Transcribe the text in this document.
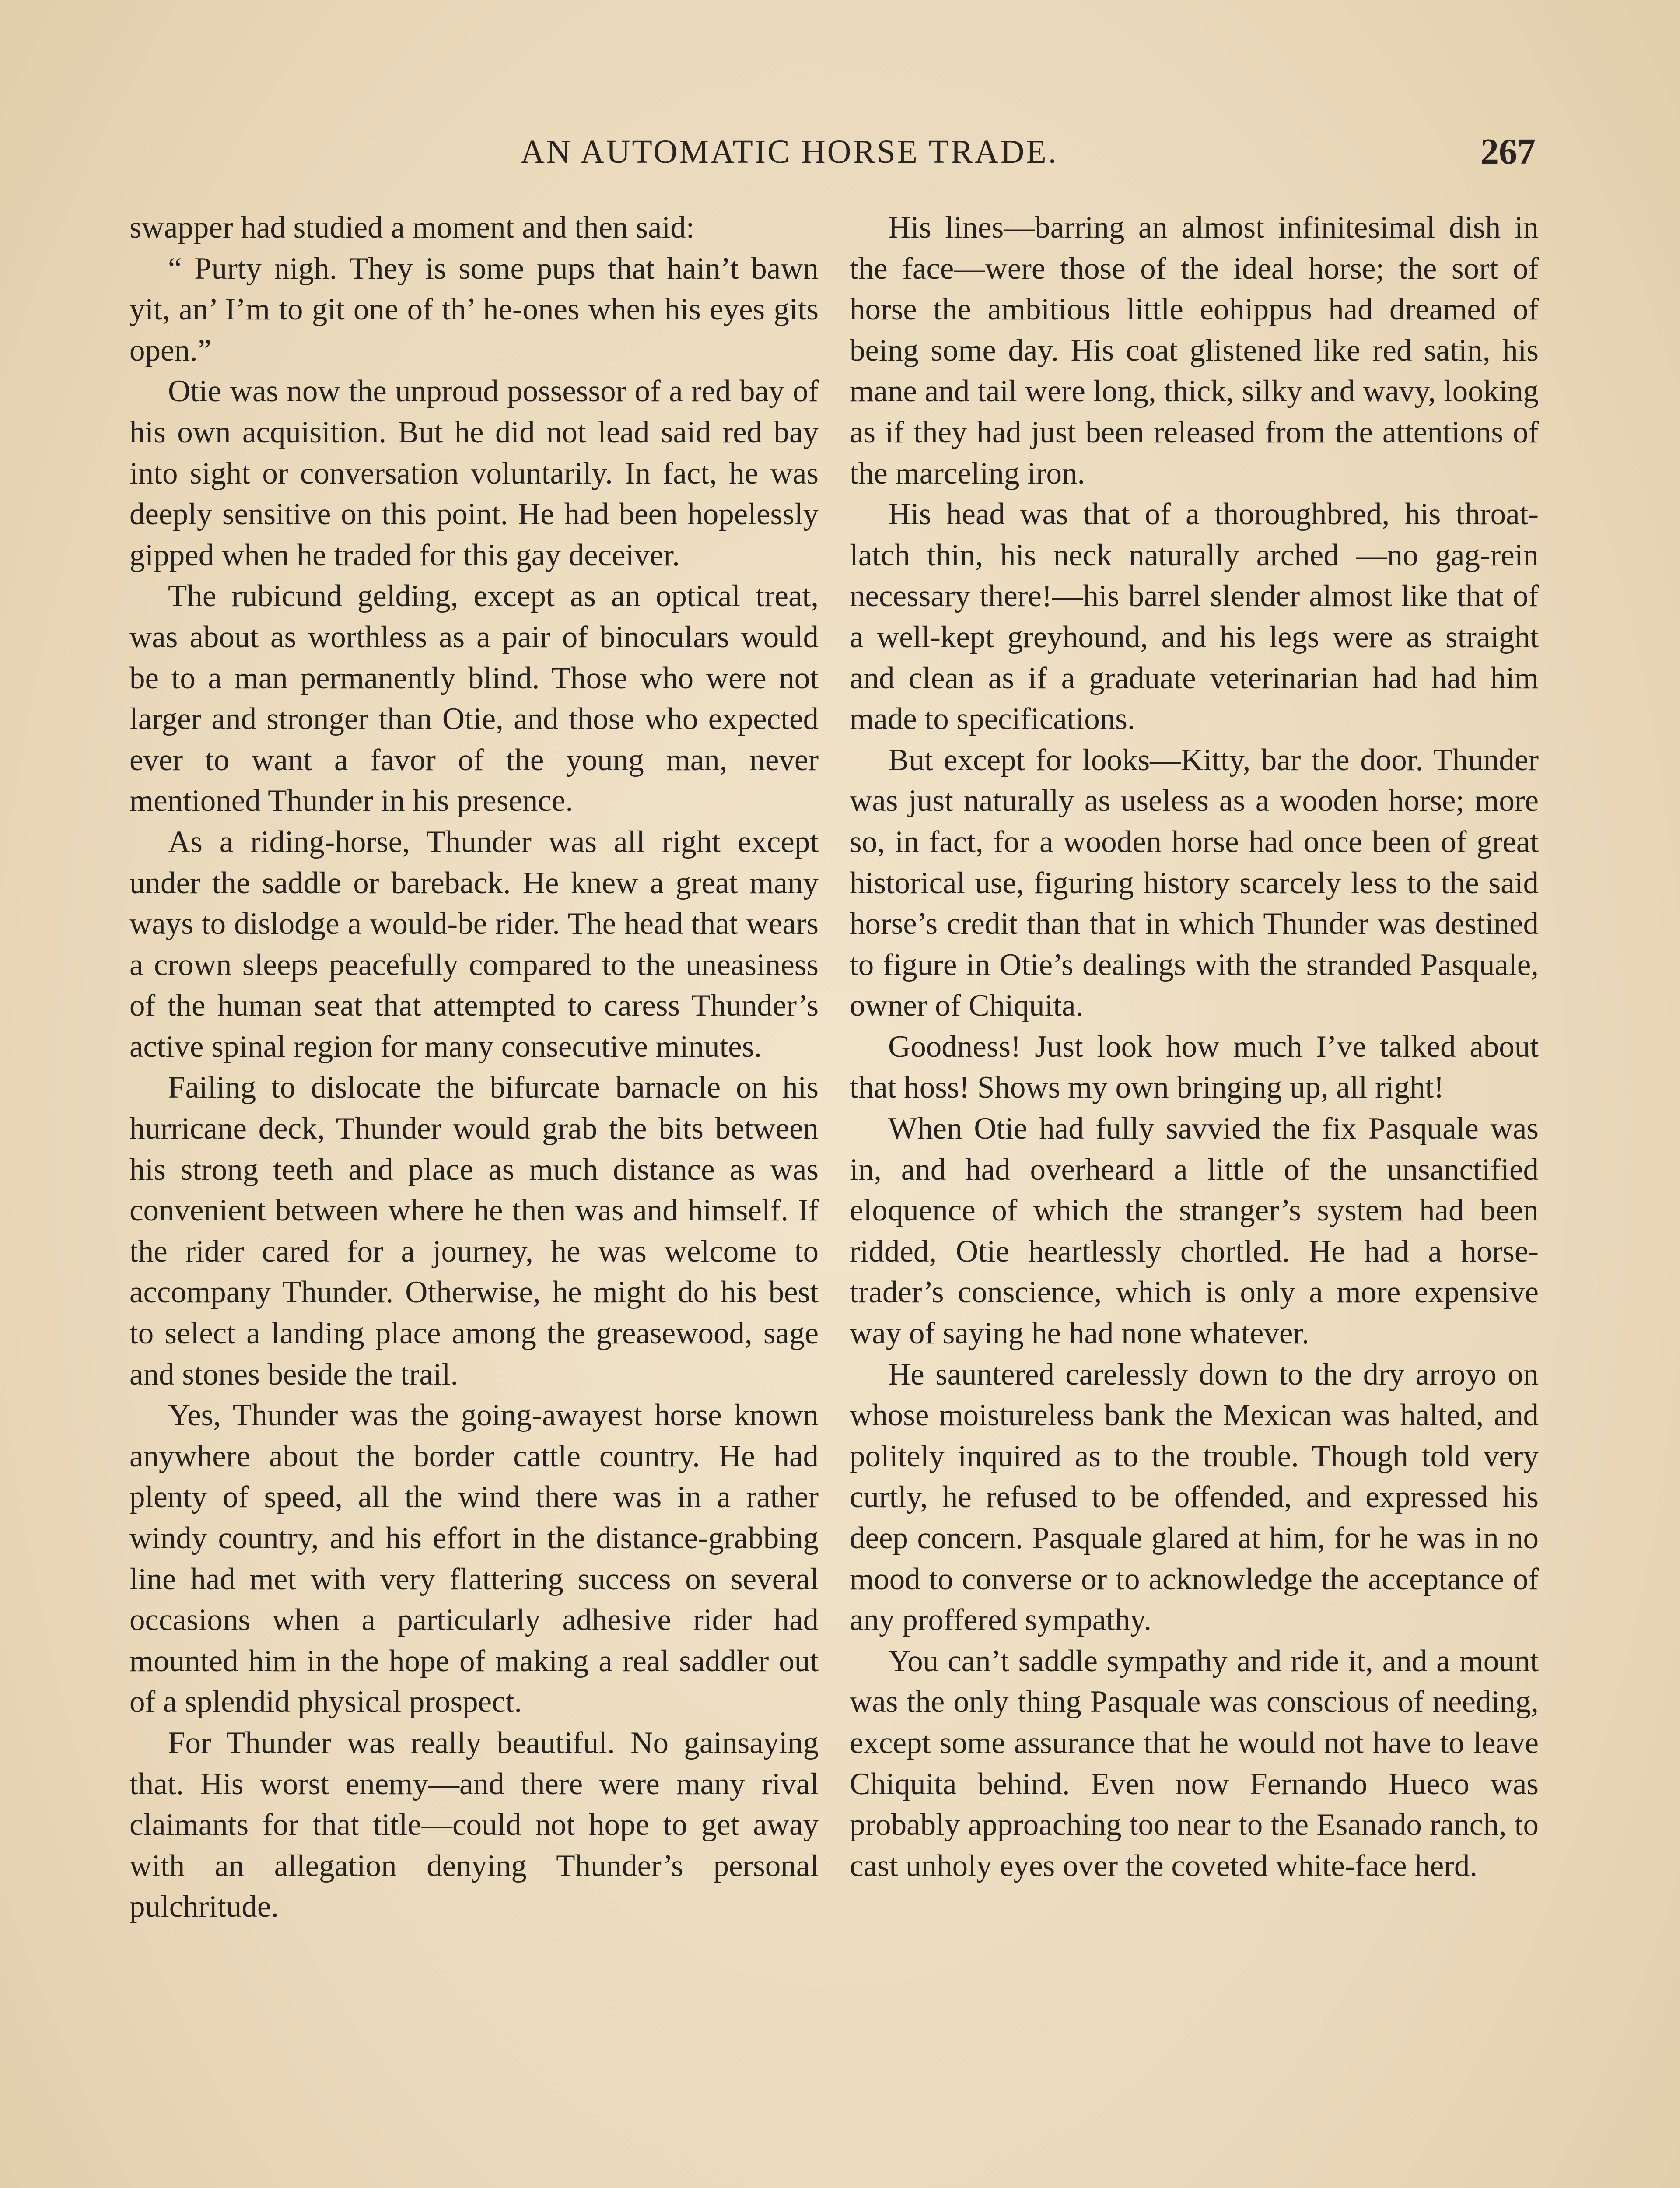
AN AUTOMATIC HORSE TRADE.	267

swapper had studied a moment and then said:

“ Purty nigh. They is some pups that hain’t bawn yit, an’ I’m to git one of th’ he-ones when his eyes gits open.”

Otie was now the unproud possessor of a red bay of his own acquisition. But he did not lead said red bay into sight or conversation voluntarily. In fact, he was deeply sensitive on this point. He had been hopelessly gipped when he traded for this gay deceiver.

The rubicund gelding, except as an optical treat, was about as worthless as a pair of binoculars would be to a man permanently blind. Those who were not larger and stronger than Otie, and those who expected ever to want a favor of the young man, never mentioned Thunder in his presence.

As a riding-horse, Thunder was all right except under the saddle or bareback. He knew a great many ways to dislodge a would-be rider. The head that wears a crown sleeps peacefully compared to the uneasiness of the human seat that attempted to caress Thunder’s active spinal region for many consecutive minutes.

Failing to dislocate the bifurcate barnacle on his hurricane deck, Thunder would grab the bits between his strong teeth and place as much distance as was convenient between where he then was and himself. If the rider cared for a journey, he was welcome to accompany Thunder. Otherwise, he might do his best to select a landing place among the greasewood, sage and stones beside the trail.

Yes, Thunder was the going-awayest horse known anywhere about the border cattle country. He had plenty of speed, all the wind there was in a rather windy country, and his effort in the distance-grabbing line had met with very flattering success on several occasions when a particularly adhesive rider had mounted him in the hope of making a real saddler out of a splendid physical prospect.

For Thunder was really beautiful. No gainsaying that. His worst enemy—and there were many rival claimants for that title—could not hope to get away with an allegation denying Thunder’s personal pulchritude.

His lines—barring an almost infinitesimal dish in the face—were those of the ideal horse; the sort of horse the ambitious little eohippus had dreamed of being some day. His coat glistened like red satin, his mane and tail were long, thick, silky and wavy, looking as if they had just been released from the attentions of the marceling iron.

His head was that of a thoroughbred, his throat-latch thin, his neck naturally arched —no gag-rein necessary there!—his barrel slender almost like that of a well-kept greyhound, and his legs were as straight and clean as if a graduate veterinarian had had him made to specifications.

But except for looks—Kitty, bar the door. Thunder was just naturally as useless as a wooden horse; more so, in fact, for a wooden horse had once been of great historical use, figuring history scarcely less to the said horse’s credit than that in which Thunder was destined to figure in Otie’s dealings with the stranded Pasquale, owner of Chiquita.

Goodness! Just look how much I’ve talked about that hoss! Shows my own bringing up, all right!

When Otie had fully savvied the fix Pasquale was in, and had overheard a little of the unsanctified eloquence of which the stranger’s system had been ridded, Otie heartlessly chortled. He had a horse-trader’s conscience, which is only a more expensive way of saying he had none whatever.

He sauntered carelessly down to the dry arroyo on whose moistureless bank the Mexican was halted, and politely inquired as to the trouble. Though told very curtly, he refused to be offended, and expressed his deep concern. Pasquale glared at him, for he was in no mood to converse or to acknowledge the acceptance of any proffered sympathy.

You can’t saddle sympathy and ride it, and a mount was the only thing Pasquale was conscious of needing, except some assurance that he would not have to leave Chiquita behind. Even now Fernando Hueco was probably approaching too near to the Esanado ranch, to cast unholy eyes over the coveted white-face herd.
